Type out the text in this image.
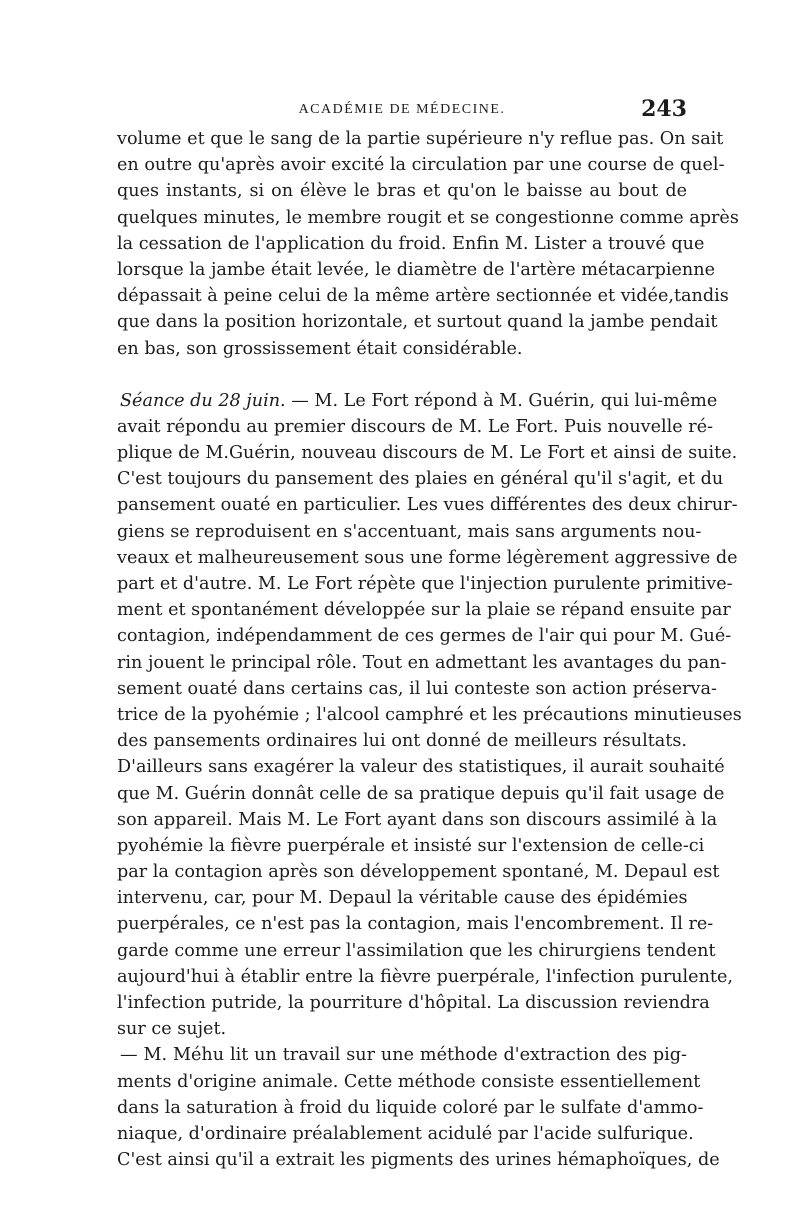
ACADÉMIE DE MÉDECINE.	243
volume et que le sang de la partie supérieure n'y reflue pas. On sait
en outre qu'après avoir excité la circulation par une course de quel-
ques instants, si on élève le bras et qu'on le baisse au bout de
quelques minutes, le membre rougit et se congestionne comme après
la cessation de l'application du froid. Enfin M. Lister a trouvé que
lorsque la jambe était levée, le diamètre de l'artère métacarpienne
dépassait à peine celui de la même artère sectionnée et vidée,tandis
que dans la position horizontale, et surtout quand la jambe pendait
en bas, son grossissement était considérable.
Séance du 28 juin. — M. Le Fort répond à M. Guérin, qui lui-même
avait répondu au premier discours de M. Le Fort. Puis nouvelle ré-
plique de M.Guérin, nouveau discours de M. Le Fort et ainsi de suite.
C'est toujours du pansement des plaies en général qu'il s'agit, et du
pansement ouaté en particulier. Les vues différentes des deux chirur-
giens se reproduisent en s'accentuant, mais sans arguments nou-
veaux et malheureusement sous une forme légèrement aggressive de
part et d'autre. M. Le Fort répète que l'injection purulente primitive-
ment et spontanément développée sur la plaie se répand ensuite par
contagion, indépendamment de ces germes de l'air qui pour M. Gué-
rin jouent le principal rôle. Tout en admettant les avantages du pan-
sement ouaté dans certains cas, il lui conteste son action préserva-
trice de la pyohémie ; l'alcool camphré et les précautions minutieuses
des pansements ordinaires lui ont donné de meilleurs résultats.
D'ailleurs sans exagérer la valeur des statistiques, il aurait souhaité
que M. Guérin donnât celle de sa pratique depuis qu'il fait usage de
son appareil. Mais M. Le Fort ayant dans son discours assimilé à la
pyohémie la fièvre puerpérale et insisté sur l'extension de celle-ci
par la contagion après son développement spontané, M. Depaul est
intervenu, car, pour M. Depaul la véritable cause des épidémies
puerpérales, ce n'est pas la contagion, mais l'encombrement. Il re-
garde comme une erreur l'assimilation que les chirurgiens tendent
aujourd'hui à établir entre la fièvre puerpérale, l'infection purulente,
l'infection putride, la pourriture d'hôpital. La discussion reviendra
sur ce sujet.
— M. Méhu lit un travail sur une méthode d'extraction des pig-
ments d'origine animale. Cette méthode consiste essentiellement
dans la saturation à froid du liquide coloré par le sulfate d'ammo-
niaque, d'ordinaire préalablement acidulé par l'acide sulfurique.
C'est ainsi qu'il a extrait les pigments des urines hémaphoïques, de
